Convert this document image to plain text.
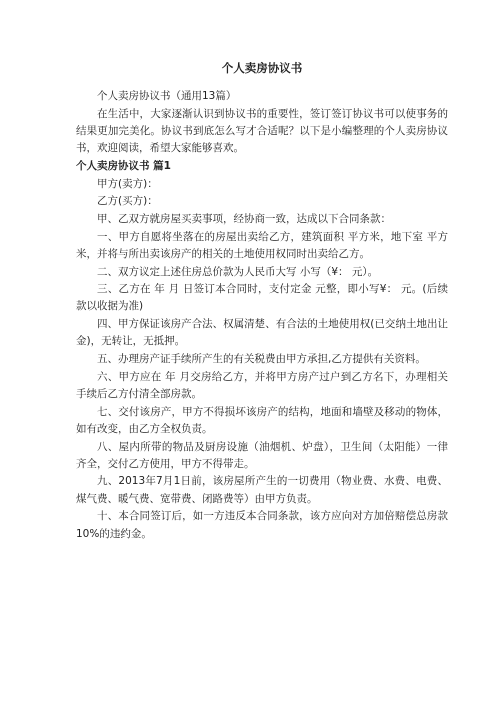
个人卖房协议书

个人卖房协议书（通用13篇）

在生活中，大家逐渐认识到协议书的重要性，签订签订协议书可以使事务的结果更加完美化。协议书到底怎么写才合适呢？以下是小编整理的个人卖房协议书，欢迎阅读，希望大家能够喜欢。

个人卖房协议书 篇1

甲方(卖方)：

乙方(买方)：

甲、乙双方就房屋买卖事项，经协商一致，达成以下合同条款：

一、甲方自愿将坐落在的房屋出卖给乙方，建筑面积 平方米，地下室 平方米，并将与所出卖该房产的相关的土地使用权同时出卖给乙方。

二、双方议定上述住房总价款为人民币大写 小写（¥： 元）。

三、乙方在 年 月 日签订本合同时，支付定金 元整，即小写¥： 元。(后续款以收据为准)

四、甲方保证该房产合法、权属清楚、有合法的土地使用权(已交纳土地出让金)，无转让，无抵押。

五、办理房产证手续所产生的有关税费由甲方承担,乙方提供有关资料。

六、甲方应在 年 月交房给乙方，并将甲方房产过户到乙方名下，办理相关手续后乙方付清全部房款。

七、交付该房产，甲方不得损坏该房产的结构，地面和墙壁及移动的物体，如有改变，由乙方全权负责。

八、屋内所带的物品及厨房设施（油烟机、炉盘），卫生间（太阳能）一律齐全，交付乙方使用，甲方不得带走。

九、2013年7月1日前，该房屋所产生的一切费用（物业费、水费、电费、煤气费、暖气费、宽带费、闭路费等）由甲方负责。

十、本合同签订后，如一方违反本合同条款，该方应向对方加倍赔偿总房款10%的违约金。
